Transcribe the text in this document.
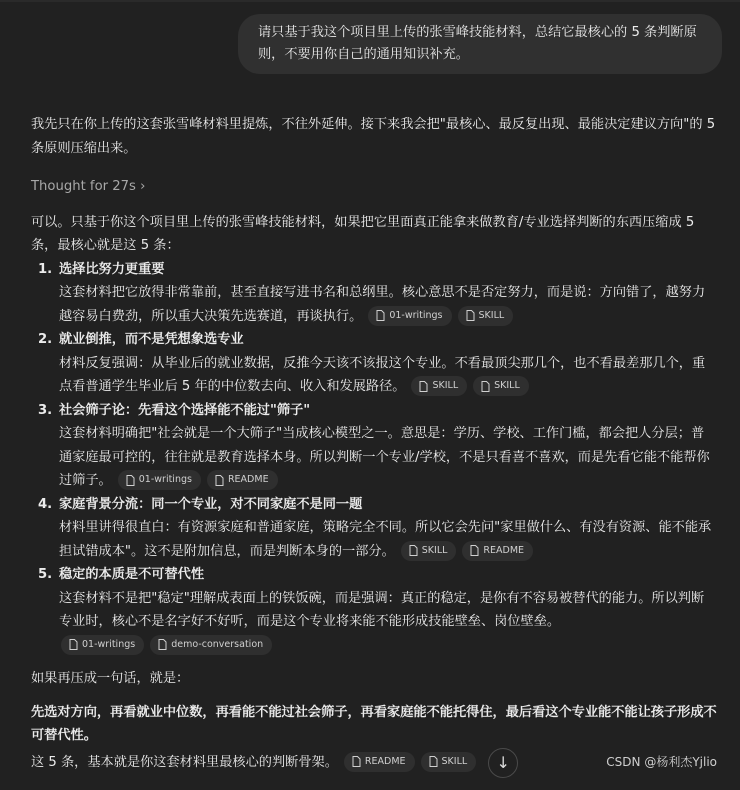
请只基于我这个项目里上传的张雪峰技能材料，总结它最核心的 5 条判断原则，不要用你自己的通用知识补充。

我先只在你上传的这套张雪峰材料里提炼，不往外延伸。接下来我会把"最核心、最反复出现、最能决定建议方向"的 5 条原则压缩出来。

Thought for 27s ›

可以。只基于你这个项目里上传的张雪峰技能材料，如果把它里面真正能拿来做教育/专业选择判断的东西压缩成 5 条，最核心就是这 5 条：

1. 选择比努力更重要
这套材料把它放得非常靠前，甚至直接写进书名和总纲里。核心意思不是否定努力，而是说：方向错了，越努力越容易白费劲，所以重大决策先选赛道，再谈执行。	01-writings	SKILL
2. 就业倒推，而不是凭想象选专业
材料反复强调：从毕业后的就业数据，反推今天该不该报这个专业。不看最顶尖那几个，也不看最差那几个，重点看普通学生毕业后 5 年的中位数去向、收入和发展路径。	SKILL	SKILL
3. 社会筛子论：先看这个选择能不能过"筛子"
这套材料明确把"社会就是一个大筛子"当成核心模型之一。意思是：学历、学校、工作门槛，都会把人分层；普通家庭最可控的，往往就是教育选择本身。所以判断一个专业/学校，不是只看喜不喜欢，而是先看它能不能帮你过筛子。	01-writings	README
4. 家庭背景分流：同一个专业，对不同家庭不是同一题
材料里讲得很直白：有资源家庭和普通家庭，策略完全不同。所以它会先问"家里做什么、有没有资源、能不能承担试错成本"。这不是附加信息，而是判断本身的一部分。	SKILL	README
5. 稳定的本质是不可替代性
这套材料不是把"稳定"理解成表面上的铁饭碗，而是强调：真正的稳定，是你有不容易被替代的能力。所以判断专业时，核心不是名字好不好听，而是这个专业将来能不能形成技能壁垒、岗位壁垒。

01-writings	demo-conversation

如果再压成一句话，就是：

先选对方向，再看就业中位数，再看能不能过社会筛子，再看家庭能不能托得住，最后看这个专业能不能让孩子形成不可替代性。

这 5 条，基本就是你这套材料里最核心的判断骨架。	README	SKILL ↓	CSDN @杨利杰Yjlio
